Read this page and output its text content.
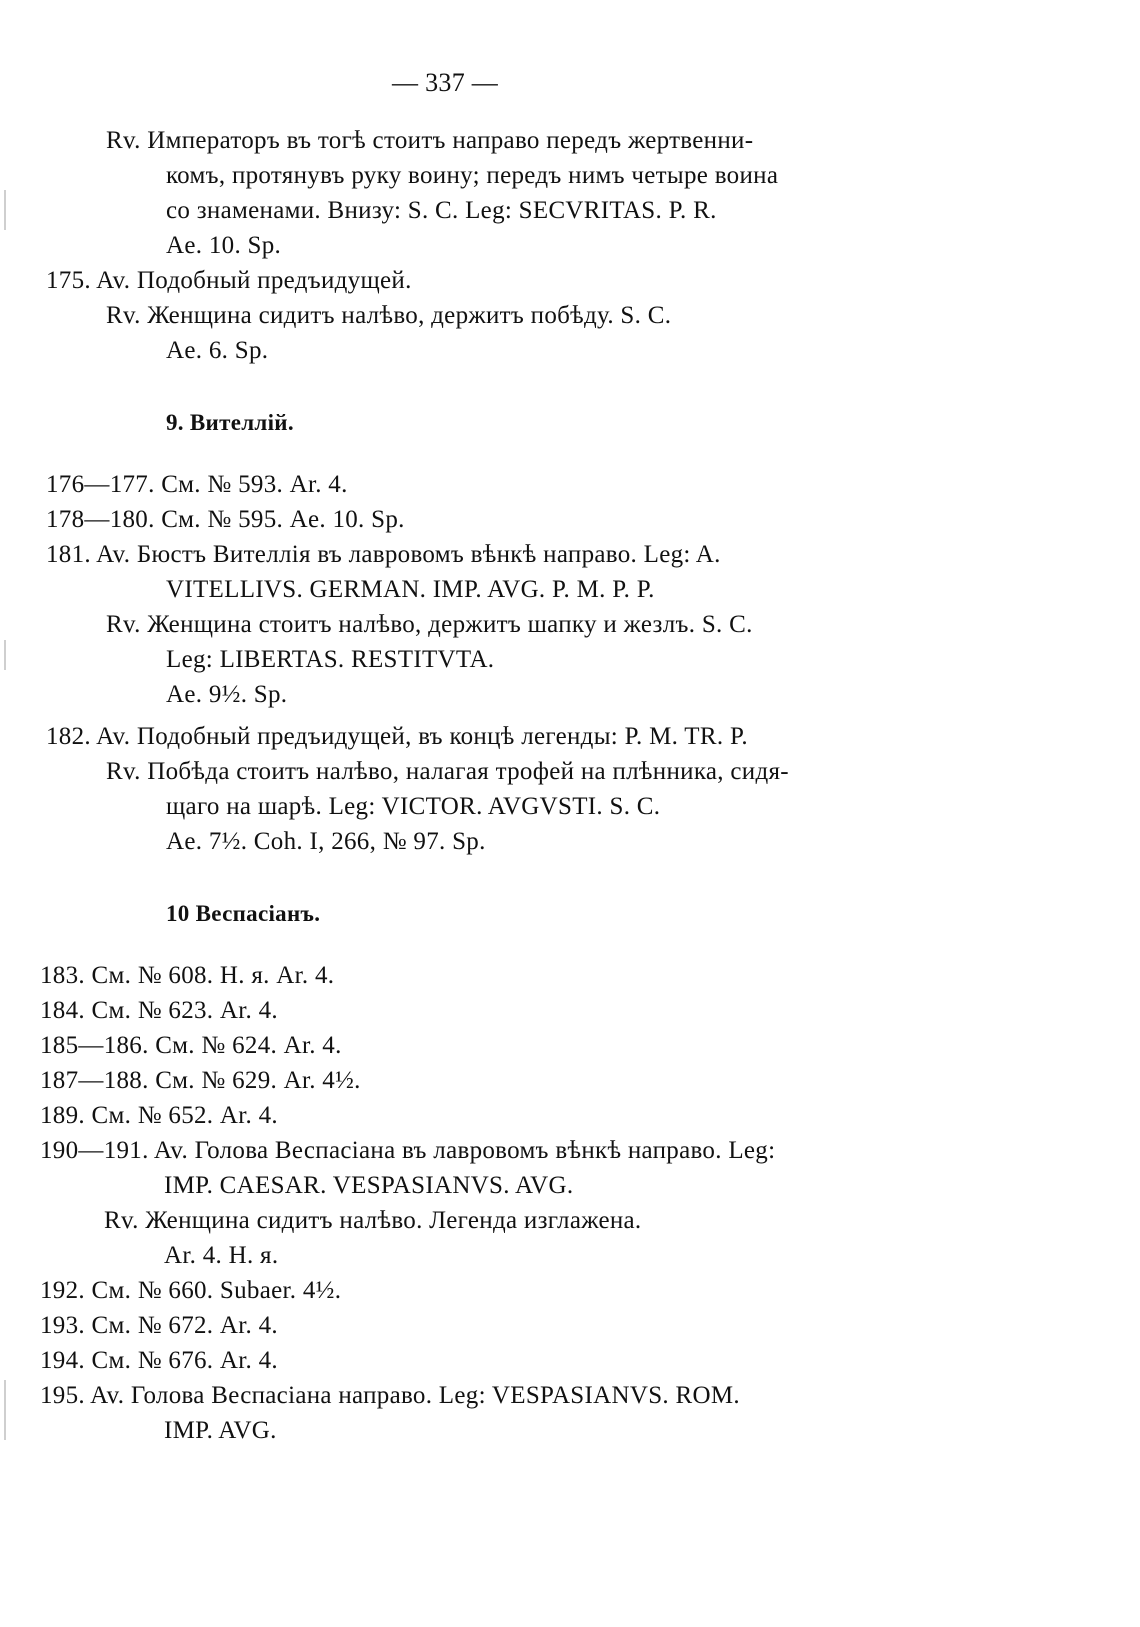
— 337 —
Rv. Императоръ въ тогѣ стоитъ направо передъ жертвенни-
комъ, протянувъ руку воину; передъ нимъ четыре воина
со знаменами. Внизу: S. C. Leg: SECVRITAS. P. R.
Ae. 10. Sp.
175. Av. Подобный предъидущей.
Rv. Женщина сидитъ налѣво, держитъ побѣду. S. C.
Ae. 6. Sp.
9. Вителлій.
176—177. См. № 593. Ar. 4.
178—180. См. № 595. Ae. 10. Sp.
181. Av. Бюстъ Вителлія въ лавровомъ вѣнкѣ направо. Leg: A.
VITELLIVS. GERMAN. IMP. AVG. P. M. P. P.
Rv. Женщина стоитъ налѣво, держитъ шапку и жезлъ. S. C.
Leg: LIBERTAS. RESTITVTA.
Ae. 9½. Sp.
182. Av. Подобный предъидущей, въ концѣ легенды: P. M. TR. P.
Rv. Побѣда стоитъ налѣво, налагая трофей на плѣнника, сидя-
щаго на шарѣ. Leg: VICTOR. AVGVSTI. S. C.
Ae. 7½. Coh. I, 266, № 97. Sp.
10 Веспасіанъ.
183. См. № 608. Н. я. Ar. 4.
184. См. № 623. Ar. 4.
185—186. См. № 624. Ar. 4.
187—188. См. № 629. Ar. 4½.
189. См. № 652. Ar. 4.
190—191. Av. Голова Веспасіана въ лавровомъ вѣнкѣ направо. Leg:
IMP. CAESAR. VESPASIANVS. AVG.
Rv. Женщина сидитъ налѣво. Легенда изглажена.
Ar. 4. Н. я.
192. См. № 660. Subaer. 4½.
193. См. № 672. Ar. 4.
194. См. № 676. Ar. 4.
195. Av. Голова Веспасіана направо. Leg: VESPASIANVS. ROM.
IMP. AVG.
